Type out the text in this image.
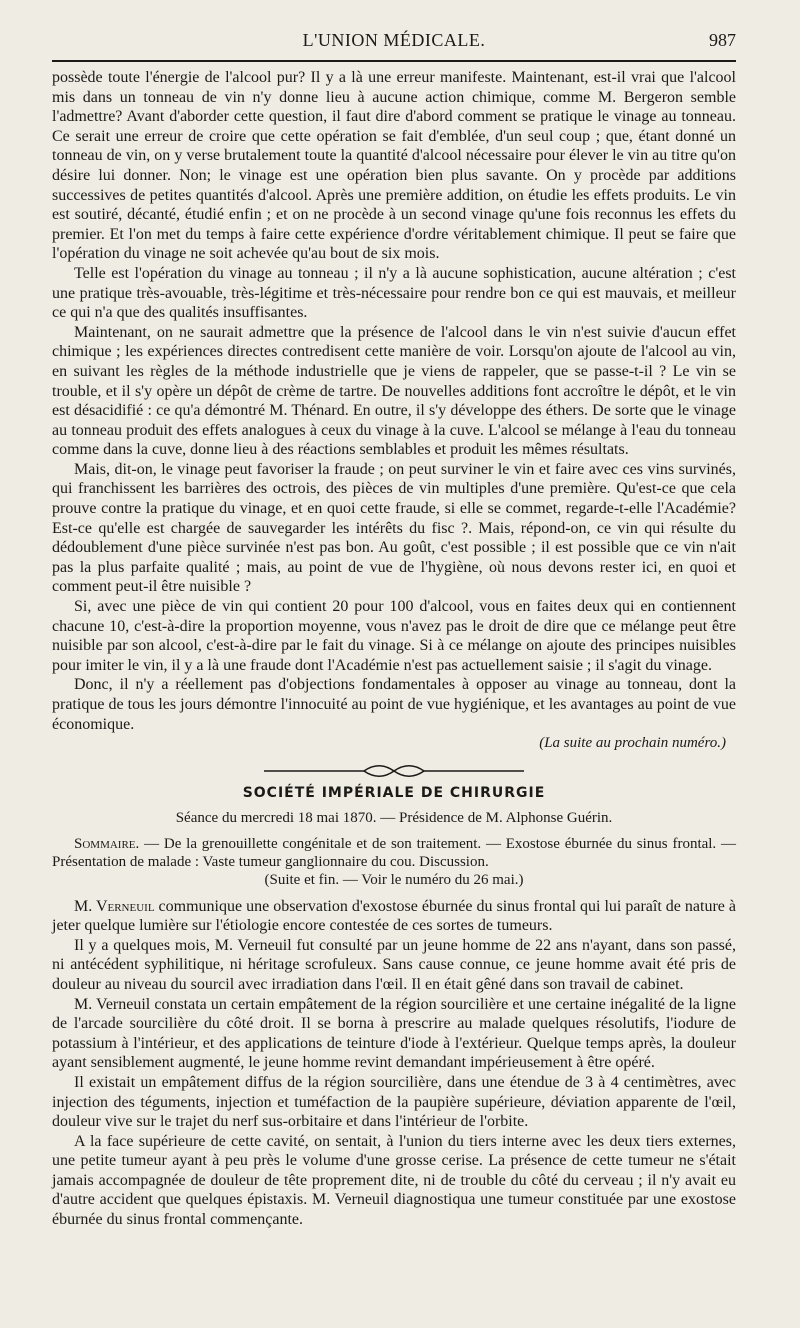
L'UNION MÉDICALE.	987

possède toute l'énergie de l'alcool pur? Il y a là une erreur manifeste. Maintenant, est-il vrai que l'alcool mis dans un tonneau de vin n'y donne lieu à aucune action chimique, comme M. Bergeron semble l'admettre? Avant d'aborder cette question, il faut dire d'abord comment se pratique le vinage au tonneau. Ce serait une erreur de croire que cette opération se fait d'emblée, d'un seul coup ; que, étant donné un tonneau de vin, on y verse brutalement toute la quantité d'alcool nécessaire pour élever le vin au titre qu'on désire lui donner. Non; le vinage est une opération bien plus savante. On y procède par additions successives de petites quantités d'alcool. Après une première addition, on étudie les effets produits. Le vin est soutiré, décanté, étudié enfin ; et on ne procède à un second vinage qu'une fois reconnus les effets du premier. Et l'on met du temps à faire cette expérience d'ordre véritablement chimique. Il peut se faire que l'opération du vinage ne soit achevée qu'au bout de six mois.

Telle est l'opération du vinage au tonneau ; il n'y a là aucune sophistication, aucune altération ; c'est une pratique très-avouable, très-légitime et très-nécessaire pour rendre bon ce qui est mauvais, et meilleur ce qui n'a que des qualités insuffisantes.

Maintenant, on ne saurait admettre que la présence de l'alcool dans le vin n'est suivie d'aucun effet chimique ; les expériences directes contredisent cette manière de voir. Lorsqu'on ajoute de l'alcool au vin, en suivant les règles de la méthode industrielle que je viens de rappeler, que se passe-t-il ? Le vin se trouble, et il s'y opère un dépôt de crème de tartre. De nouvelles additions font accroître le dépôt, et le vin est désacidifié : ce qu'a démontré M. Thénard. En outre, il s'y développe des éthers. De sorte que le vinage au tonneau produit des effets analogues à ceux du vinage à la cuve. L'alcool se mélange à l'eau du tonneau comme dans la cuve, donne lieu à des réactions semblables et produit les mêmes résultats.

Mais, dit-on, le vinage peut favoriser la fraude ; on peut surviner le vin et faire avec ces vins survinés, qui franchissent les barrières des octrois, des pièces de vin multiples d'une première. Qu'est-ce que cela prouve contre la pratique du vinage, et en quoi cette fraude, si elle se commet, regarde-t-elle l'Académie? Est-ce qu'elle est chargée de sauvegarder les intérêts du fisc ?. Mais, répond-on, ce vin qui résulte du dédoublement d'une pièce survinée n'est pas bon. Au goût, c'est possible ; il est possible que ce vin n'ait pas la plus parfaite qualité ; mais, au point de vue de l'hygiène, où nous devons rester ici, en quoi et comment peut-il être nuisible ?

Si, avec une pièce de vin qui contient 20 pour 100 d'alcool, vous en faites deux qui en contiennent chacune 10, c'est-à-dire la proportion moyenne, vous n'avez pas le droit de dire que ce mélange peut être nuisible par son alcool, c'est-à-dire par le fait du vinage. Si à ce mélange on ajoute des principes nuisibles pour imiter le vin, il y a là une fraude dont l'Académie n'est pas actuellement saisie ; il s'agit du vinage.

Donc, il n'y a réellement pas d'objections fondamentales à opposer au vinage au tonneau, dont la pratique de tous les jours démontre l'innocuité au point de vue hygiénique, et les avantages au point de vue économique.

(La suite au prochain numéro.)

SOCIÉTÉ IMPÉRIALE DE CHIRURGIE
Séance du mercredi 18 mai 1870. — Présidence de M. Alphonse Guérin.

Sommaire. — De la grenouillette congénitale et de son traitement. — Exostose éburnée du sinus frontal. — Présentation de malade : Vaste tumeur ganglionnaire du cou. Discussion.

(Suite et fin. — Voir le numéro du 26 mai.)

M. Verneuil communique une observation d'exostose éburnée du sinus frontal qui lui paraît de nature à jeter quelque lumière sur l'étiologie encore contestée de ces sortes de tumeurs.

Il y a quelques mois, M. Verneuil fut consulté par un jeune homme de 22 ans n'ayant, dans son passé, ni antécédent syphilitique, ni héritage scrofuleux. Sans cause connue, ce jeune homme avait été pris de douleur au niveau du sourcil avec irradiation dans l'œil. Il en était gêné dans son travail de cabinet.

M. Verneuil constata un certain empâtement de la région sourcilière et une certaine inégalité de la ligne de l'arcade sourcilière du côté droit. Il se borna à prescrire au malade quelques résolutifs, l'iodure de potassium à l'intérieur, et des applications de teinture d'iode à l'extérieur. Quelque temps après, la douleur ayant sensiblement augmenté, le jeune homme revint demandant impérieusement à être opéré.

Il existait un empâtement diffus de la région sourcilière, dans une étendue de 3 à 4 centimètres, avec injection des téguments, injection et tuméfaction de la paupière supérieure, déviation apparente de l'œil, douleur vive sur le trajet du nerf sus-orbitaire et dans l'intérieur de l'orbite.

A la face supérieure de cette cavité, on sentait, à l'union du tiers interne avec les deux tiers externes, une petite tumeur ayant à peu près le volume d'une grosse cerise. La présence de cette tumeur ne s'était jamais accompagnée de douleur de tête proprement dite, ni de trouble du côté du cerveau ; il n'y avait eu d'autre accident que quelques épistaxis. M. Verneuil diagnostiqua une tumeur constituée par une exostose éburnée du sinus frontal commençante.
